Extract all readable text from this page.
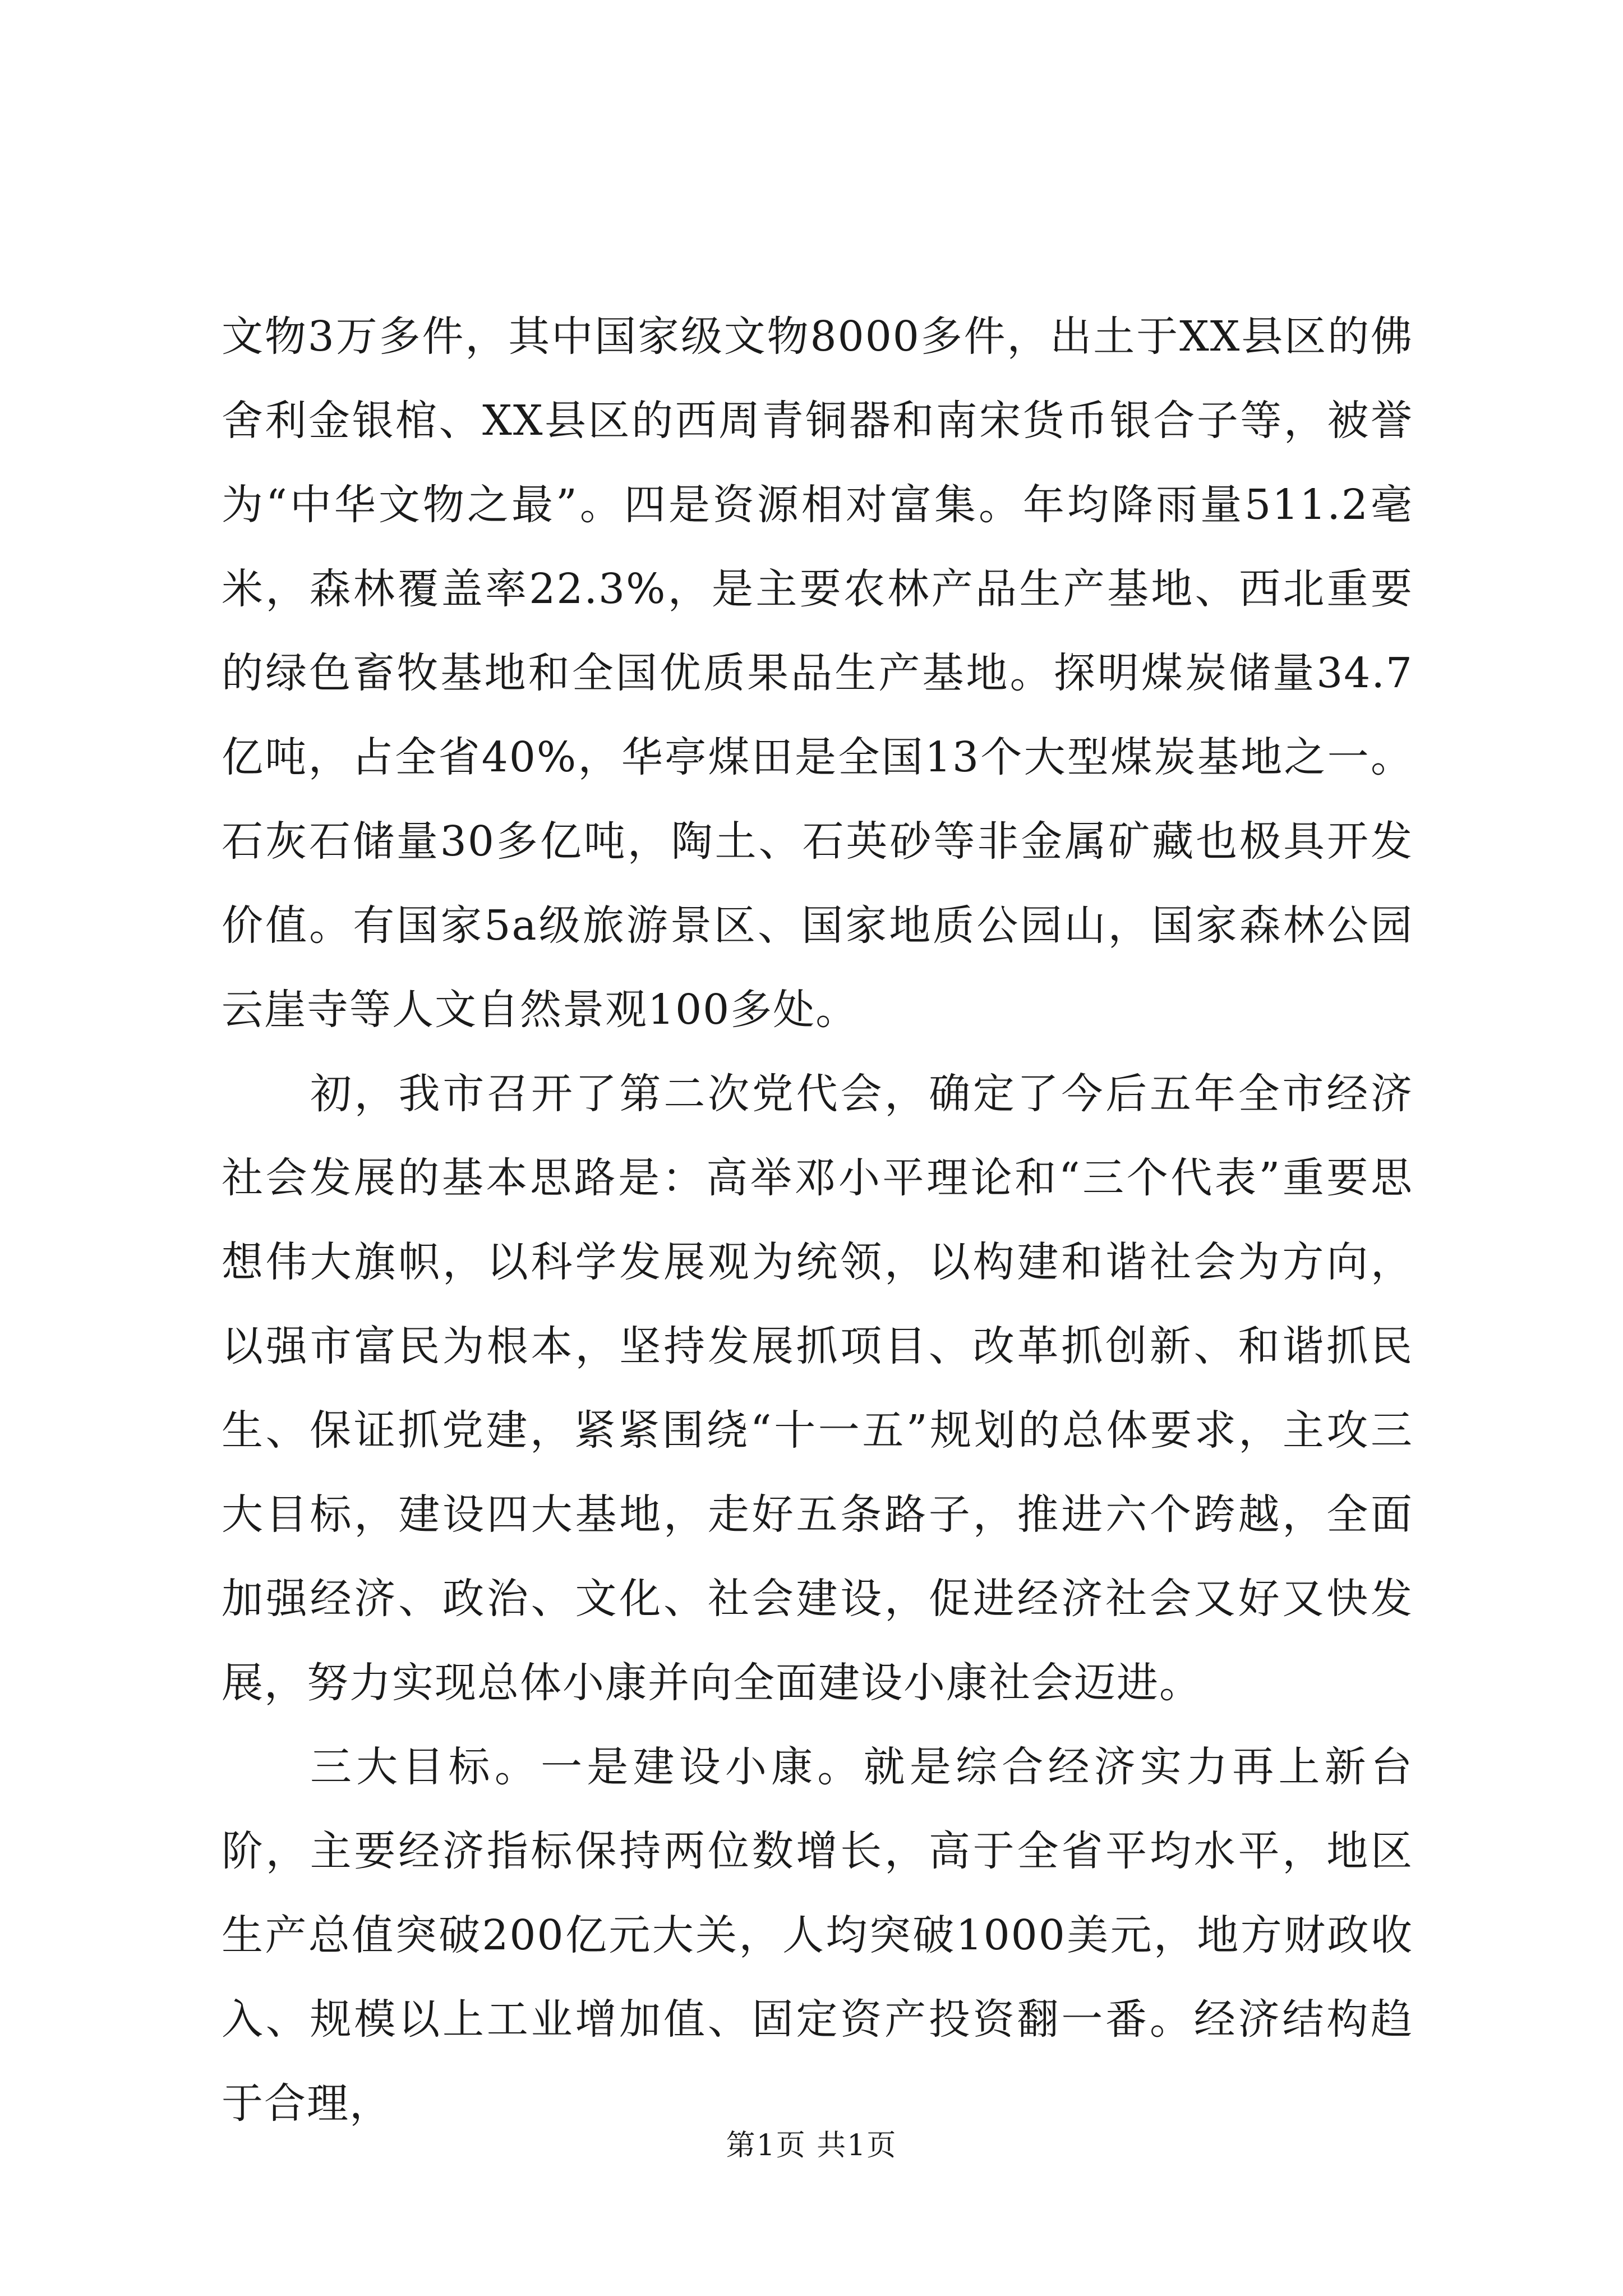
文物3万多件，其中国家级文物8000多件，出土于XX县区的佛舍利金银棺、XX县区的西周青铜器和南宋货币银合子等，被誉为“中华文物之最”。四是资源相对富集。年均降雨量511.2毫米，森林覆盖率22.3%，是主要农林产品生产基地、西北重要的绿色畜牧基地和全国优质果品生产基地。探明煤炭储量34.7亿吨，占全省40%，华亭煤田是全国13个大型煤炭基地之一。石灰石储量30多亿吨，陶土、石英砂等非金属矿藏也极具开发价值。有国家5a级旅游景区、国家地质公园山，国家森林公园云崖寺等人文自然景观100多处。

初，我市召开了第二次党代会，确定了今后五年全市经济社会发展的基本思路是：高举邓小平理论和“三个代表”重要思想伟大旗帜，以科学发展观为统领，以构建和谐社会为方向，以强市富民为根本，坚持发展抓项目、改革抓创新、和谐抓民生、保证抓党建，紧紧围绕“十一五”规划的总体要求，主攻三大目标，建设四大基地，走好五条路子，推进六个跨越，全面加强经济、政治、文化、社会建设，促进经济社会又好又快发展，努力实现总体小康并向全面建设小康社会迈进。

三大目标。一是建设小康。就是综合经济实力再上新台阶，主要经济指标保持两位数增长，高于全省平均水平，地区生产总值突破200亿元大关，人均突破1000美元，地方财政收入、规模以上工业增加值、固定资产投资翻一番。经济结构趋于合理，

第1页 共1页
